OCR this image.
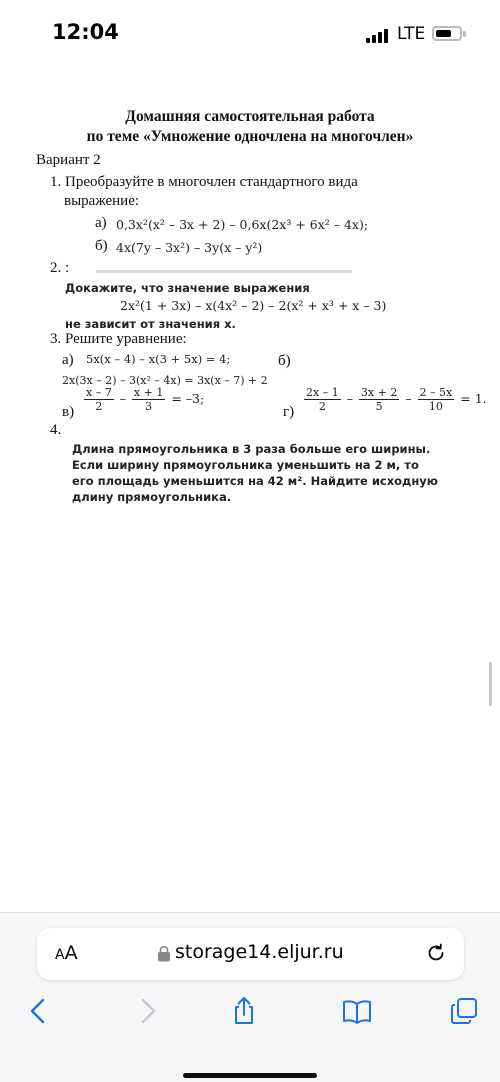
12:04	LTE
Домашняя самостоятельная работа
по теме «Умножение одночлена на многочлен»
Вариант 2
1. Преобразуйте в многочлен стандартного вида
выражение:
а) 0,3x²(x² – 3x + 2) – 0,6x(2x³ + 6x² – 4x);
б) 4x(7y – 3x²) – 3y(x – y²)
2. :
Докажите, что значение выражения
2x²(1 + 3x) – x(4x² – 2) – 2(x² + x³ + x – 3)
не зависит от значения x.
3. Решите уравнение:
а) 5x(x – 4) – x(3 + 5x) = 4;	б)
2x(3x – 2) – 3(x² – 4x) = 3x(x – 7) + 2
$в) \frac{x - 7}{2} - \frac{x + 1}{3} = -3$;
$г) \frac{2x - 1}{2} - \frac{3x + 2}{5} - \frac{2 - 5x}{10} = 1$.
4.
Длина прямоугольника в 3 раза больше его ширины.
Если ширину прямоугольника уменьшить на 2 м, то
его площадь уменьшится на 42 м². Найдите исходную
длину прямоугольника.
AA	storage14.eljur.ru
